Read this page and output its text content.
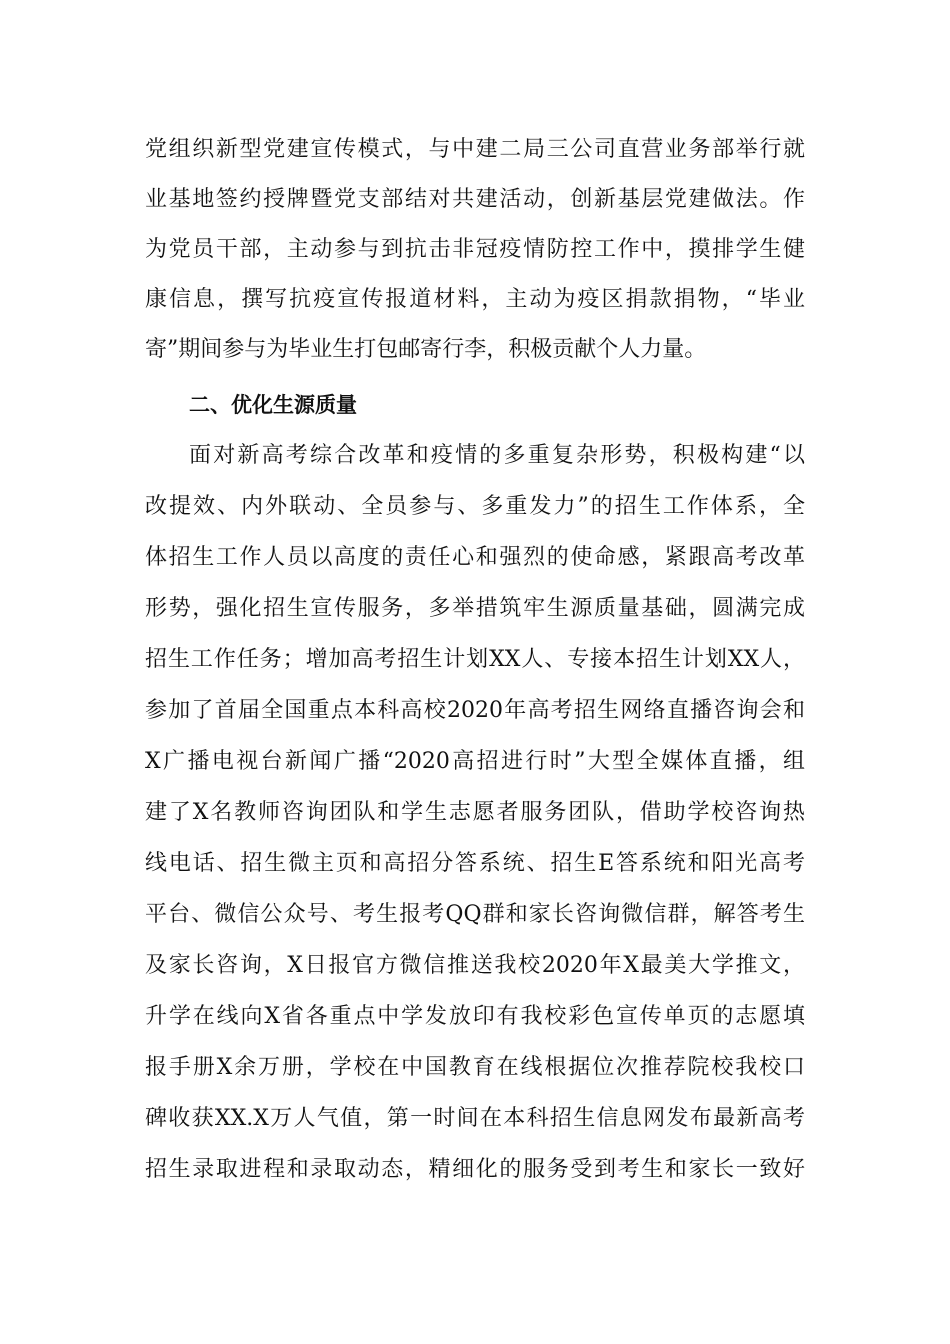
党组织新型党建宣传模式，与中建二局三公司直营业务部举行就
业基地签约授牌暨党支部结对共建活动，创新基层党建做法。作
为党员干部，主动参与到抗击非冠疫情防控工作中，摸排学生健
康信息，撰写抗疫宣传报道材料，主动为疫区捐款捐物，“毕业
寄”期间参与为毕业生打包邮寄行李，积极贡献个人力量。
二、优化生源质量
面对新高考综合改革和疫情的多重复杂形势，积极构建“以
改提效、内外联动、全员参与、多重发力”的招生工作体系，全
体招生工作人员以高度的责任心和强烈的使命感，紧跟高考改革
形势，强化招生宣传服务，多举措筑牢生源质量基础，圆满完成
招生工作任务；增加高考招生计划XX人、专接本招生计划XX人，
参加了首届全国重点本科高校2020年高考招生网络直播咨询会和
X广播电视台新闻广播“2020高招进行时”大型全媒体直播，组
建了X名教师咨询团队和学生志愿者服务团队，借助学校咨询热
线电话、招生微主页和高招分答系统、招生E答系统和阳光高考
平台、微信公众号、考生报考QQ群和家长咨询微信群，解答考生
及家长咨询，X日报官方微信推送我校2020年X最美大学推文，
升学在线向X省各重点中学发放印有我校彩色宣传单页的志愿填
报手册X余万册，学校在中国教育在线根据位次推荐院校我校口
碑收获XX.X万人气值，第一时间在本科招生信息网发布最新高考
招生录取进程和录取动态，精细化的服务受到考生和家长一致好
